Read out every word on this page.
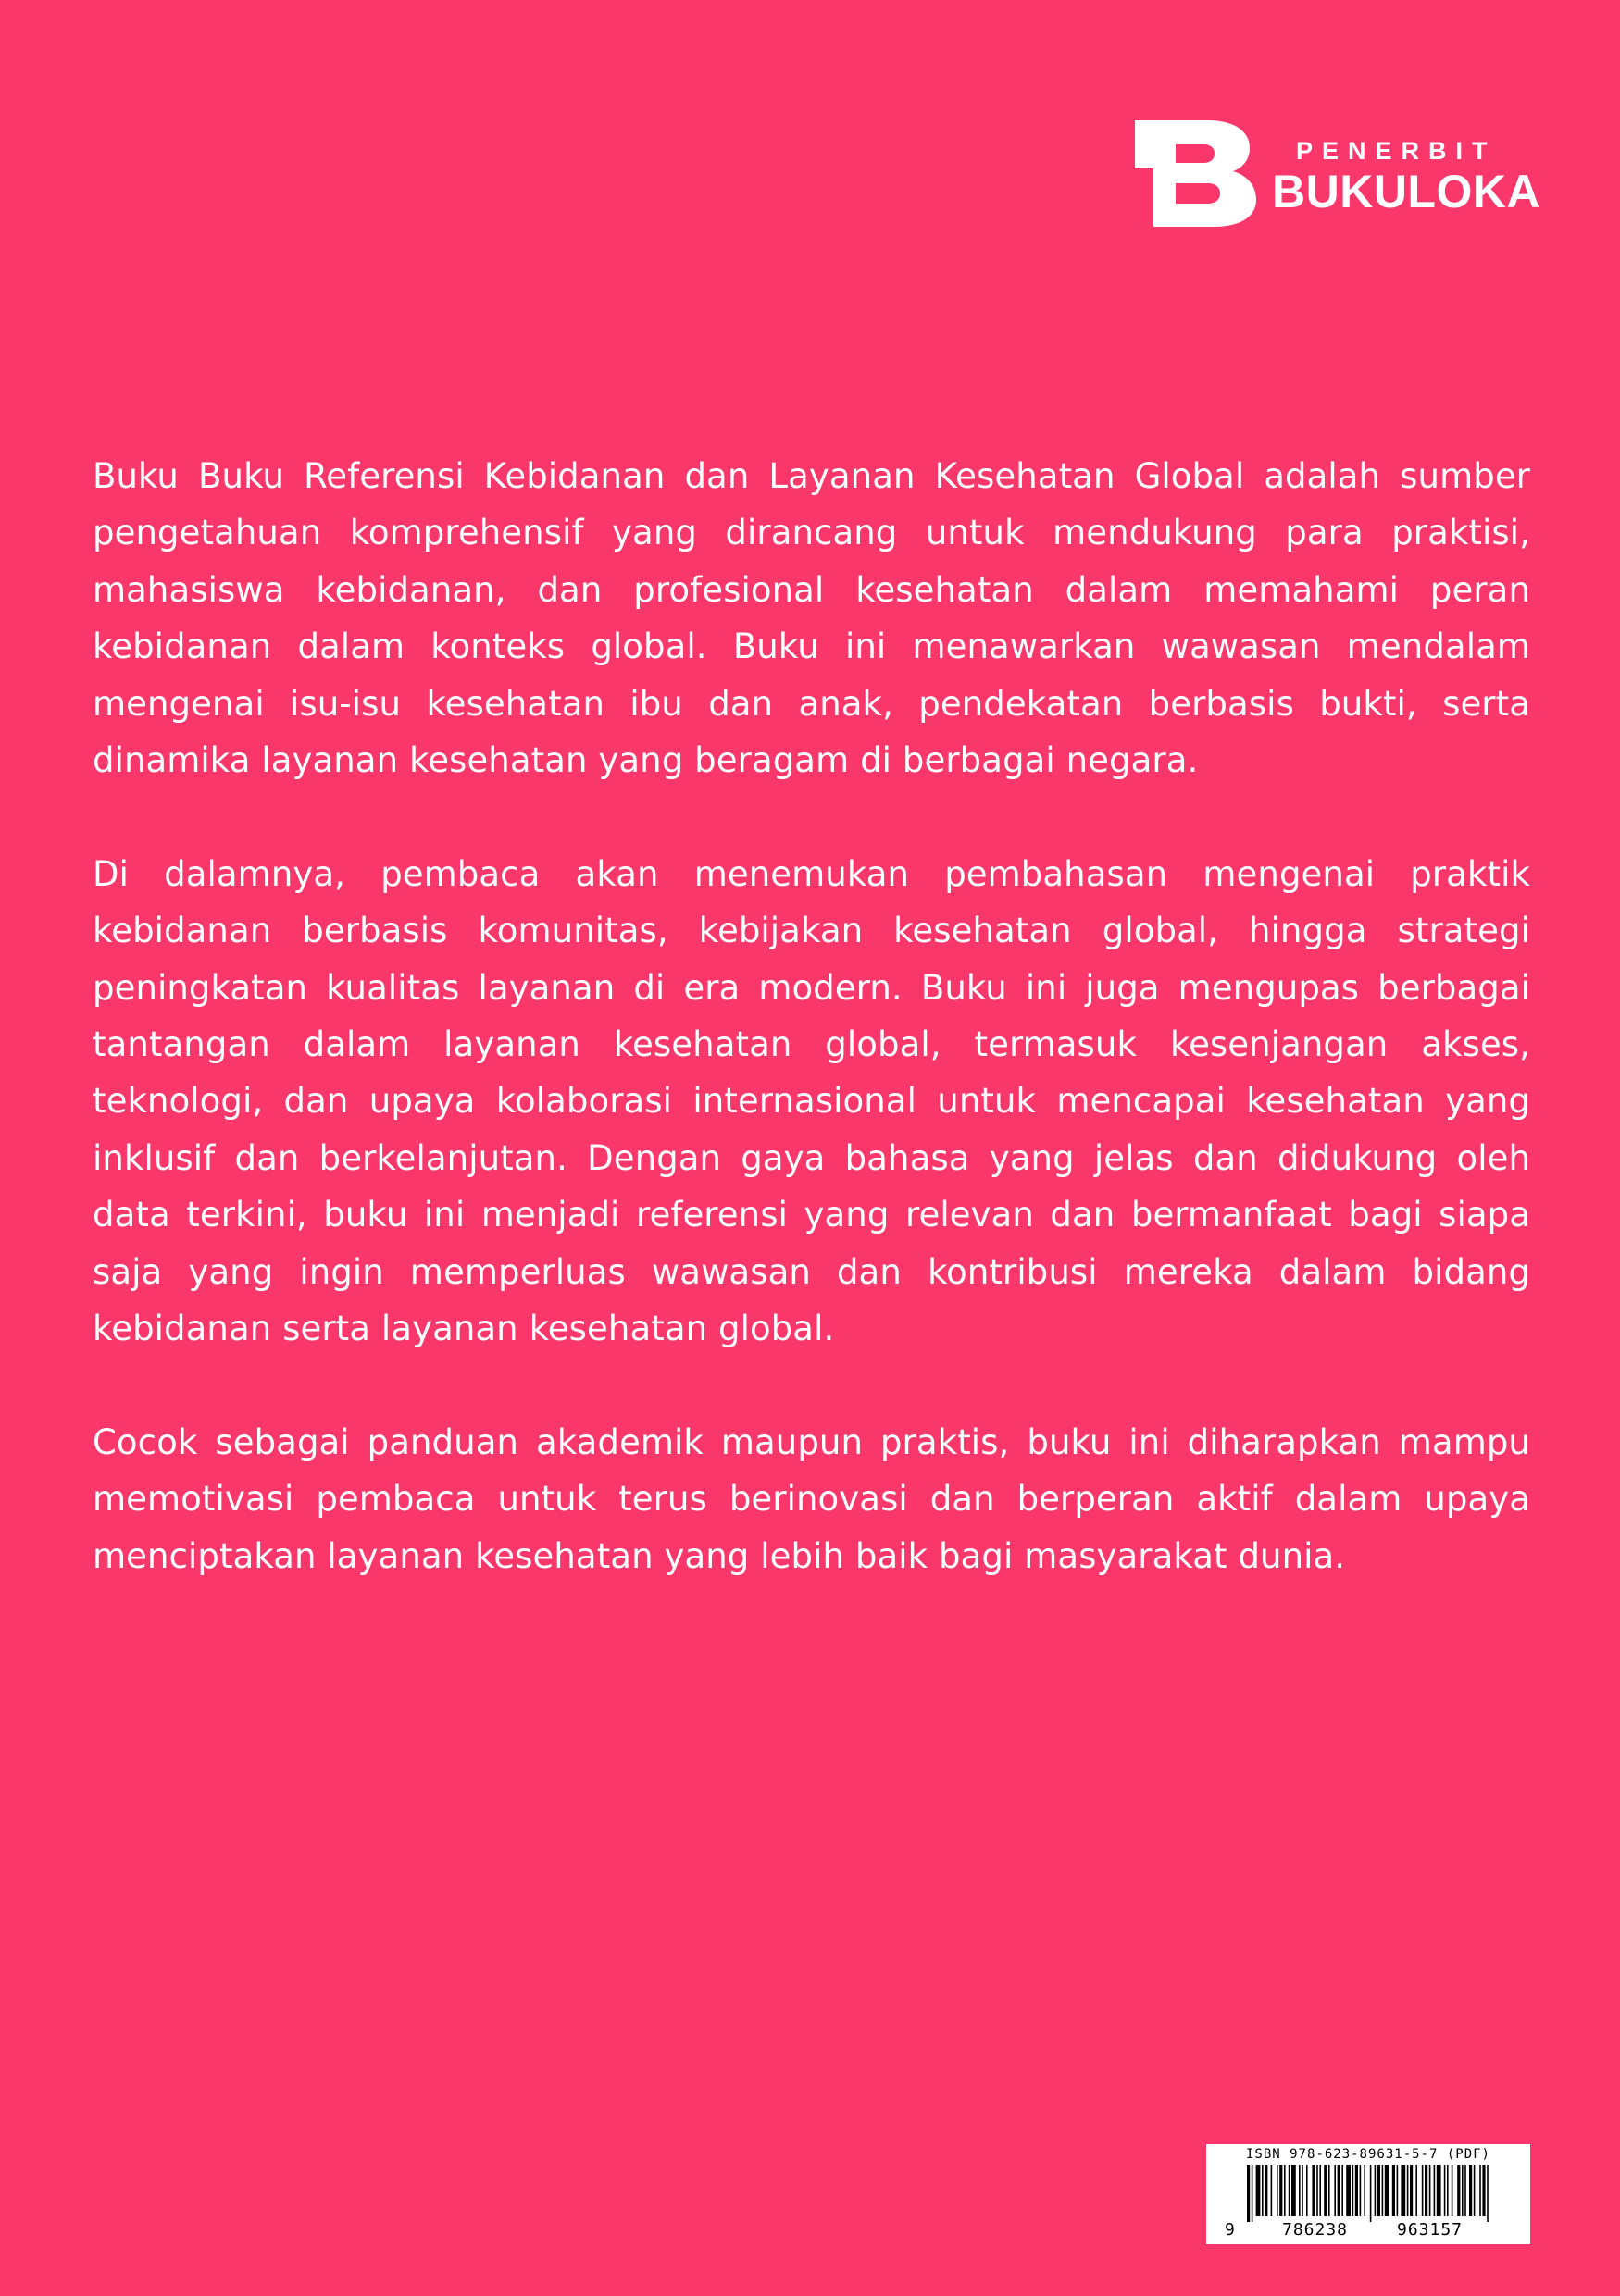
PENERBIT
BUKULOKA

Buku Buku Referensi Kebidanan dan Layanan Kesehatan Global adalah sumber pengetahuan komprehensif yang dirancang untuk mendukung para praktisi, mahasiswa kebidanan, dan profesional kesehatan dalam memahami peran kebidanan dalam konteks global. Buku ini menawarkan wawasan mendalam mengenai isu-isu kesehatan ibu dan anak, pendekatan berbasis bukti, serta dinamika layanan kesehatan yang beragam di berbagai negara.

Di dalamnya, pembaca akan menemukan pembahasan mengenai praktik kebidanan berbasis komunitas, kebijakan kesehatan global, hingga strategi peningkatan kualitas layanan di era modern. Buku ini juga mengupas berbagai tantangan dalam layanan kesehatan global, termasuk kesenjangan akses, teknologi, dan upaya kolaborasi internasional untuk mencapai kesehatan yang inklusif dan berkelanjutan. Dengan gaya bahasa yang jelas dan didukung oleh data terkini, buku ini menjadi referensi yang relevan dan bermanfaat bagi siapa saja yang ingin memperluas wawasan dan kontribusi mereka dalam bidang kebidanan serta layanan kesehatan global.

Cocok sebagai panduan akademik maupun praktis, buku ini diharapkan mampu memotivasi pembaca untuk terus berinovasi dan berperan aktif dalam upaya menciptakan layanan kesehatan yang lebih baik bagi masyarakat dunia.

ISBN 978-623-89631-5-7 (PDF)
9	786238	963157
